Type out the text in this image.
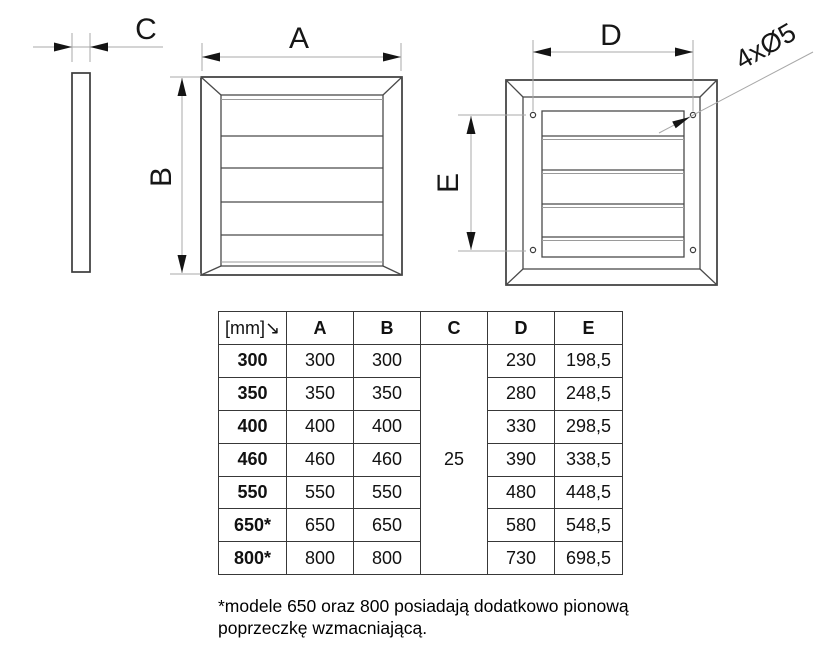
C	A
B
D
E
4xØ5
[mm]↘	A	B	C	D	E
300	300	300	25	230	198,5
350	350	350		280	248,5
400	400	400		330	298,5
460	460	460		390	338,5
550	550	550		480	448,5
650*	650	650		580	548,5
800*	800	800		730	698,5
*modele 650 oraz 800 posiadają dodatkowo pionową
poprzeczkę wzmacniającą.
